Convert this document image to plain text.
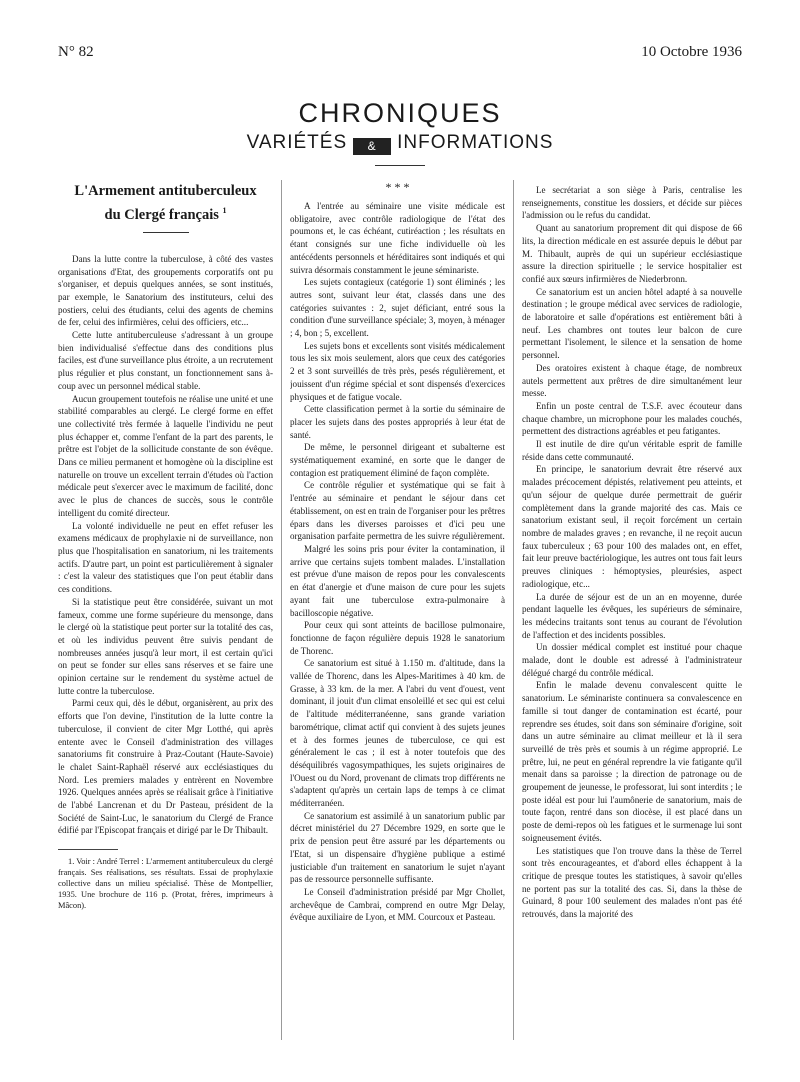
N° 82	10 Octobre 1936
CHRONIQUES
VARIÉTÉS & INFORMATIONS
L'Armement antituberculeux
du Clergé français $^1$

Dans la lutte contre la tuberculose, à côté des vastes organisations d'Etat, des groupements corporatifs ont pu s'organiser, et depuis quelques années, se sont institués, par exemple, le Sanatorium des instituteurs, celui des postiers, celui des étudiants, celui des agents de chemins de fer, celui des infirmières, celui des officiers, etc...

Cette lutte antituberculeuse s'adressant à un groupe bien individualisé s'effectue dans des conditions plus faciles, est d'une surveillance plus étroite, a un recrutement plus régulier et plus constant, un fonctionnement sans à-coup avec un personnel médical stable.

Aucun groupement toutefois ne réalise une unité et une stabilité comparables au clergé. Le clergé forme en effet une collectivité très fermée à laquelle l'individu ne peut plus échapper et, comme l'enfant de la part des parents, le prêtre est l'objet de la sollicitude constante de son évêque. Dans ce milieu permanent et homogène où la discipline est naturelle on trouve un excellent terrain d'études où l'action médicale peut s'exercer avec le maximum de facilité, donc avec le plus de chances de succès, sous le contrôle intelligent du comité directeur.

La volonté individuelle ne peut en effet refuser les examens médicaux de prophylaxie ni de surveillance, non plus que l'hospitalisation en sanatorium, ni les traitements actifs. D'autre part, un point est particulièrement à signaler : c'est la valeur des statistiques que l'on peut établir dans ces conditions.

Si la statistique peut être considérée, suivant un mot fameux, comme une forme supérieure du mensonge, dans le clergé où la statistique peut porter sur la totalité des cas, et où les individus peuvent être suivis pendant de nombreuses années jusqu'à leur mort, il est certain qu'ici on peut se fonder sur elles sans réserves et se faire une opinion certaine sur le rendement du système actuel de lutte contre la tuberculose.

Parmi ceux qui, dès le début, organisèrent, au prix des efforts que l'on devine, l'institution de la lutte contre la tuberculose, il convient de citer Mgr Lotthé, qui après entente avec le Conseil d'administration des villages sanatoriums fit construire à Praz-Coutant (Haute-Savoie) le chalet Saint-Raphaël réservé aux ecclésiastiques du Nord. Les premiers malades y entrèrent en Novembre 1926. Quelques années après se réalisait grâce à l'initiative de l'abbé Lancrenan et du Dr Pasteau, président de la Société de Saint-Luc, le sanatorium du Clergé de France édifié par l'Episcopat français et dirigé par le Dr Thibault.

1. Voir : André Terrel : L'armement antituberculeux du clergé français. Ses réalisations, ses résultats. Essai de prophylaxie collective dans un milieu spécialisé. Thèse de Montpellier, 1935. Une brochure de 116 p. (Protat, frères, imprimeurs à Mâcon).

* * *

A l'entrée au séminaire une visite médicale est obligatoire, avec contrôle radiologique de l'état des poumons et, le cas échéant, cutiréaction ; les résultats en étant consignés sur une fiche individuelle où les antécédents personnels et héréditaires sont indiqués et qui suivra désormais constamment le jeune séminariste.

Les sujets contagieux (catégorie 1) sont éliminés ; les autres sont, suivant leur état, classés dans une des catégories suivantes : 2, sujet déficiant, entré sous la condition d'une surveillance spéciale; 3, moyen, à ménager ; 4, bon ; 5, excellent.

Les sujets bons et excellents sont visités médicalement tous les six mois seulement, alors que ceux des catégories 2 et 3 sont surveillés de très près, pesés régulièrement, et jouissent d'un régime spécial et sont dispensés d'exercices physiques et de fatigue vocale.

Cette classification permet à la sortie du séminaire de placer les sujets dans des postes appropriés à leur état de santé.

De même, le personnel dirigeant et subalterne est systématiquement examiné, en sorte que le danger de contagion est pratiquement éliminé de façon complète.

Ce contrôle régulier et systématique qui se fait à l'entrée au séminaire et pendant le séjour dans cet établissement, on est en train de l'organiser pour les prêtres épars dans les diverses paroisses et d'ici peu une organisation parfaite permettra de les suivre régulièrement.

Malgré les soins pris pour éviter la contamination, il arrive que certains sujets tombent malades. L'installation est prévue d'une maison de repos pour les convalescents en état d'anergie et d'une maison de cure pour les sujets ayant fait une tuberculose extra-pulmonaire à bacilloscopie négative.

Pour ceux qui sont atteints de bacillose pulmonaire, fonctionne de façon régulière depuis 1928 le sanatorium de Thorenc.

Ce sanatorium est situé à 1.150 m. d'altitude, dans la vallée de Thorenc, dans les Alpes-Maritimes à 40 km. de Grasse, à 33 km. de la mer. A l'abri du vent d'ouest, vent dominant, il jouit d'un climat ensoleillé et sec qui est celui de l'altitude méditerranéenne, sans grande variation barométrique, climat actif qui convient à des sujets jeunes et à des formes jeunes de tuberculose, ce qui est généralement le cas ; il est à noter toutefois que des déséquilibrés vagosympathiques, les sujets originaires de l'Ouest ou du Nord, provenant de climats trop différents ne s'adaptent qu'après un certain laps de temps à ce climat méditerranéen.

Ce sanatorium est assimilé à un sanatorium public par décret ministériel du 27 Décembre 1929, en sorte que le prix de pension peut être assuré par les départements ou l'Etat, si un dispensaire d'hygiène publique a estimé justiciable d'un traitement en sanatorium le sujet n'ayant pas de ressource personnelle suffisante.

Le Conseil d'administration présidé par Mgr Chollet, archevêque de Cambrai, comprend en outre Mgr Delay, évêque auxiliaire de Lyon, et MM. Courcoux et Pasteau.

Le secrétariat a son siège à Paris, centralise les renseignements, constitue les dossiers, et décide sur pièces l'admission ou le refus du candidat.

Quant au sanatorium proprement dit qui dispose de 66 lits, la direction médicale en est assurée depuis le début par M. Thibault, auprès de qui un supérieur ecclésiastique assure la direction spirituelle ; le service hospitalier est confié aux sœurs infirmières de Niederbronn.

Ce sanatorium est un ancien hôtel adapté à sa nouvelle destination ; le groupe médical avec services de radiologie, de laboratoire et salle d'opérations est entièrement bâti à neuf. Les chambres ont toutes leur balcon de cure permettant l'isolement, le silence et la sensation de home personnel.

Des oratoires existent à chaque étage, de nombreux autels permettent aux prêtres de dire simultanément leur messe.

Enfin un poste central de T.S.F. avec écouteur dans chaque chambre, un microphone pour les malades couchés, permettent des distractions agréables et peu fatigantes.

Il est inutile de dire qu'un véritable esprit de famille réside dans cette communauté.

En principe, le sanatorium devrait être réservé aux malades précocement dépistés, relativement peu atteints, et qu'un séjour de quelque durée permettrait de guérir complètement dans la grande majorité des cas. Mais ce sanatorium existant seul, il reçoit forcément un certain nombre de malades graves ; en revanche, il ne reçoit aucun faux tuberculeux ; 63 pour 100 des malades ont, en effet, fait leur preuve bactériologique, les autres ont tous fait leurs preuves cliniques : hémoptysies, pleurésies, aspect radiologique, etc...

La durée de séjour est de un an en moyenne, durée pendant laquelle les évêques, les supérieurs de séminaire, les médecins traitants sont tenus au courant de l'évolution de l'affection et des incidents possibles.

Un dossier médical complet est institué pour chaque malade, dont le double est adressé à l'administrateur délégué chargé du contrôle médical.

Enfin le malade devenu convalescent quitte le sanatorium. Le séminariste continuera sa convalescence en famille si tout danger de contamination est écarté, pour reprendre ses études, soit dans son séminaire d'origine, soit dans un autre séminaire au climat meilleur et là il sera surveillé de très près et soumis à un régime approprié. Le prêtre, lui, ne peut en général reprendre la vie fatigante qu'il menait dans sa paroisse ; la direction de patronage ou de groupement de jeunesse, le professorat, lui sont interdits ; le poste idéal est pour lui l'aumônerie de sanatorium, mais de toute façon, rentré dans son diocèse, il est placé dans un poste de demi-repos où les fatigues et le surmenage lui sont soigneusement évités.

Les statistiques que l'on trouve dans la thèse de Terrel sont très encourageantes, et d'abord elles échappent à la critique de presque toutes les statistiques, à savoir qu'elles ne portent pas sur la totalité des cas. Si, dans la thèse de Guinard, 8 pour 100 seulement des malades n'ont pas été retrouvés, dans la majorité des
